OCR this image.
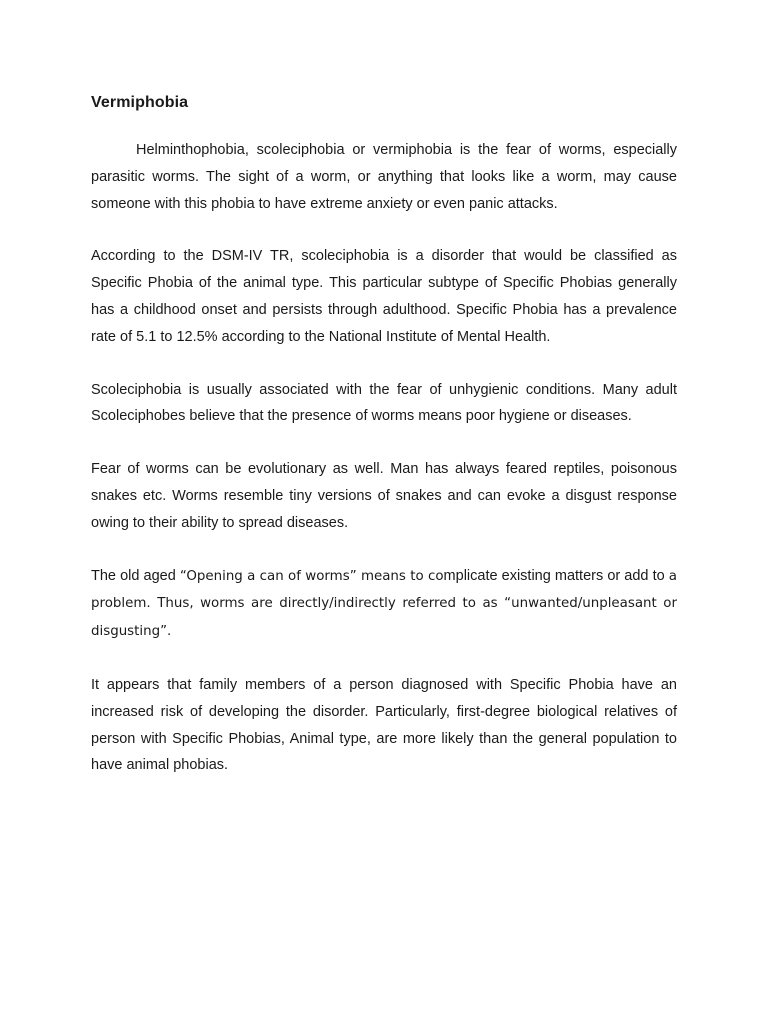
Vermiphobia

Helminthophobia, scoleciphobia or vermiphobia is the fear of worms, especially parasitic worms. The sight of a worm, or anything that looks like a worm, may cause someone with this phobia to have extreme anxiety or even panic attacks.

According to the DSM-IV TR, scoleciphobia is a disorder that would be classified as Specific Phobia of the animal type. This particular subtype of Specific Phobias generally has a childhood onset and persists through adulthood. Specific Phobia has a prevalence rate of 5.1 to 12.5% according to the National Institute of Mental Health.

Scoleciphobia is usually associated with the fear of unhygienic conditions. Many adult Scoleciphobes believe that the presence of worms means poor hygiene or diseases.

Fear of worms can be evolutionary as well. Man has always feared reptiles, poisonous snakes etc. Worms resemble tiny versions of snakes and can evoke a disgust response owing to their ability to spread diseases.

The old aged “Opening a can of worms” means to complicate existing matters or add to a problem. Thus, worms are directly/indirectly referred to as “unwanted/unpleasant or disgusting”.

It appears that family members of a person diagnosed with Specific Phobia have an increased risk of developing the disorder. Particularly, first-degree biological relatives of person with Specific Phobias, Animal type, are more likely than the general population to have animal phobias.
